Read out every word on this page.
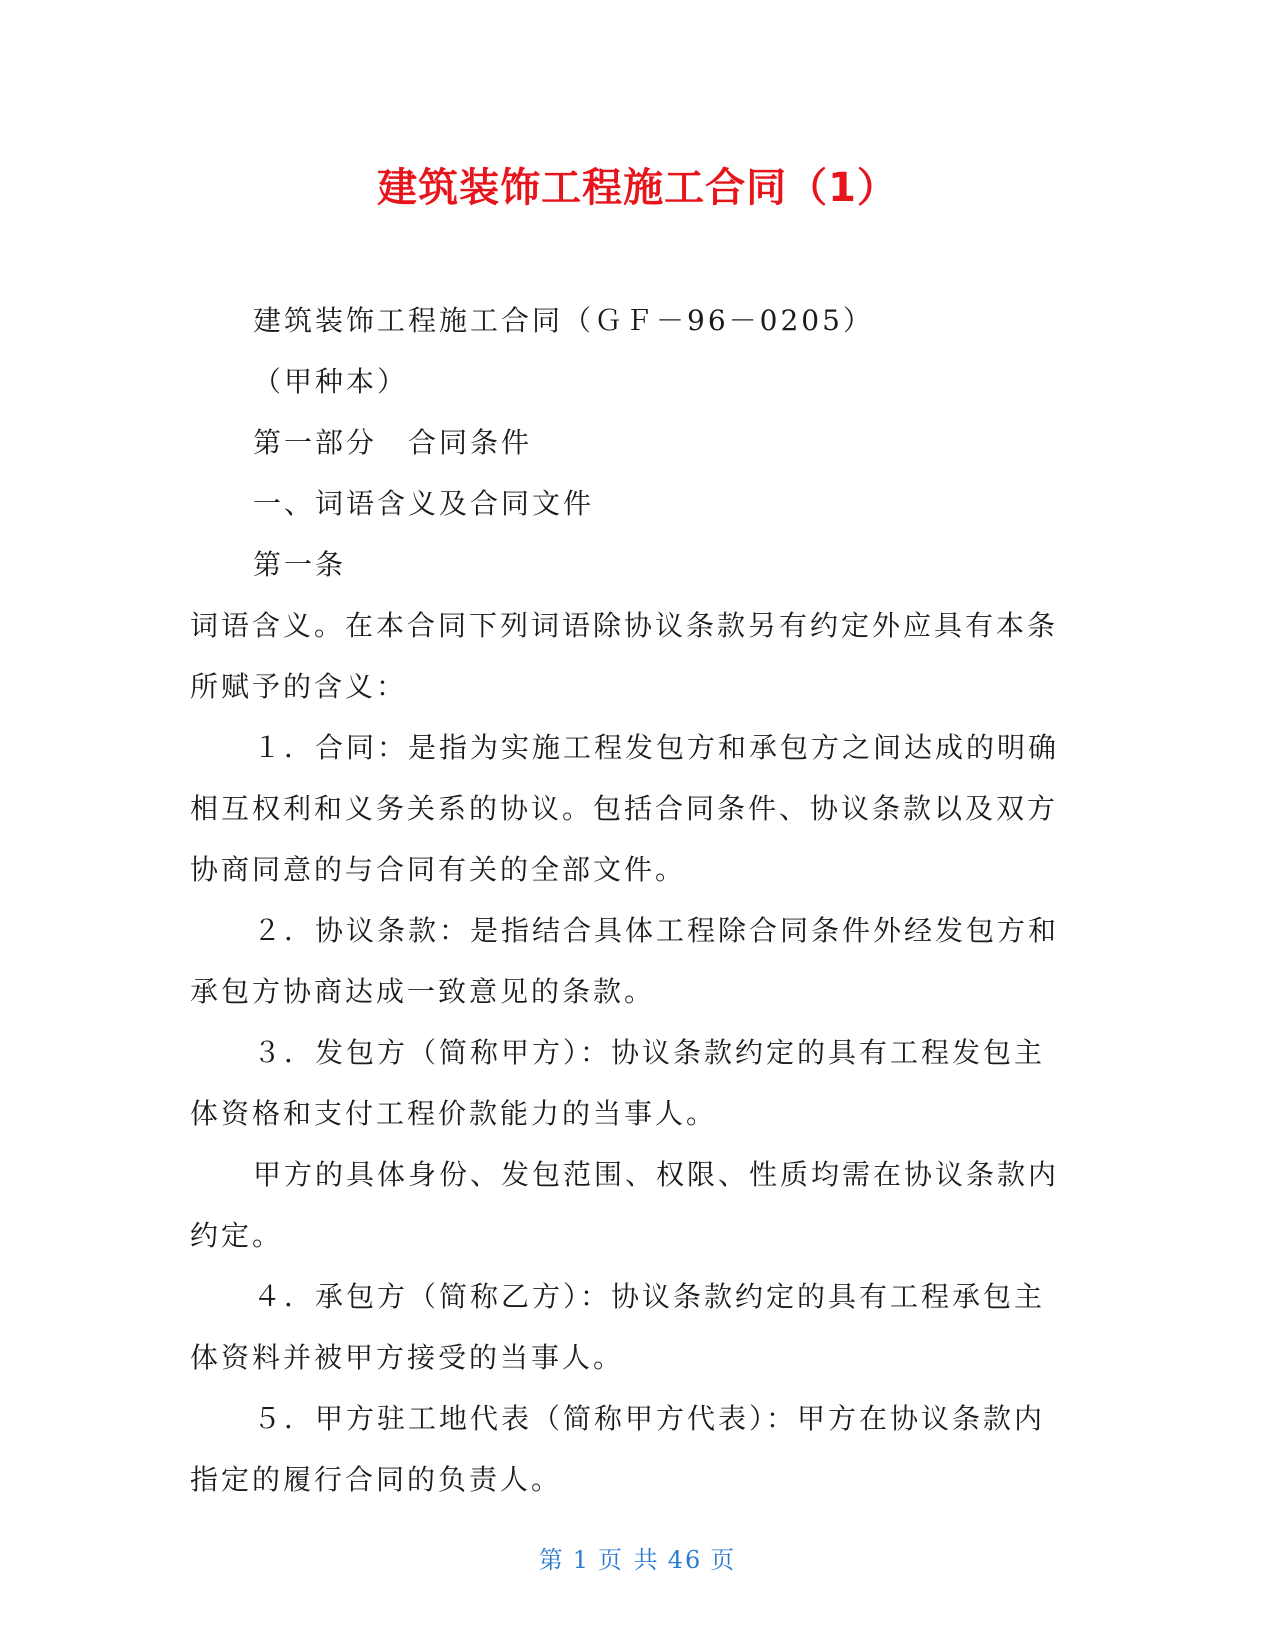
建筑装饰工程施工合同（1）

建筑装饰工程施工合同（ＧＦ－96－0205）

（甲种本）

第一部分　合同条件

一、词语含义及合同文件

第一条

词语含义。在本合同下列词语除协议条款另有约定外应具有本条所赋予的含义：

１．合同：是指为实施工程发包方和承包方之间达成的明确相互权利和义务关系的协议。包括合同条件、协议条款以及双方协商同意的与合同有关的全部文件。

２．协议条款：是指结合具体工程除合同条件外经发包方和承包方协商达成一致意见的条款。

３．发包方（简称甲方）：协议条款约定的具有工程发包主体资格和支付工程价款能力的当事人。

甲方的具体身份、发包范围、权限、性质均需在协议条款内约定。

４．承包方（简称乙方）：协议条款约定的具有工程承包主体资料并被甲方接受的当事人。

５．甲方驻工地代表（简称甲方代表）：甲方在协议条款内指定的履行合同的负责人。

第 1 页 共 46 页
